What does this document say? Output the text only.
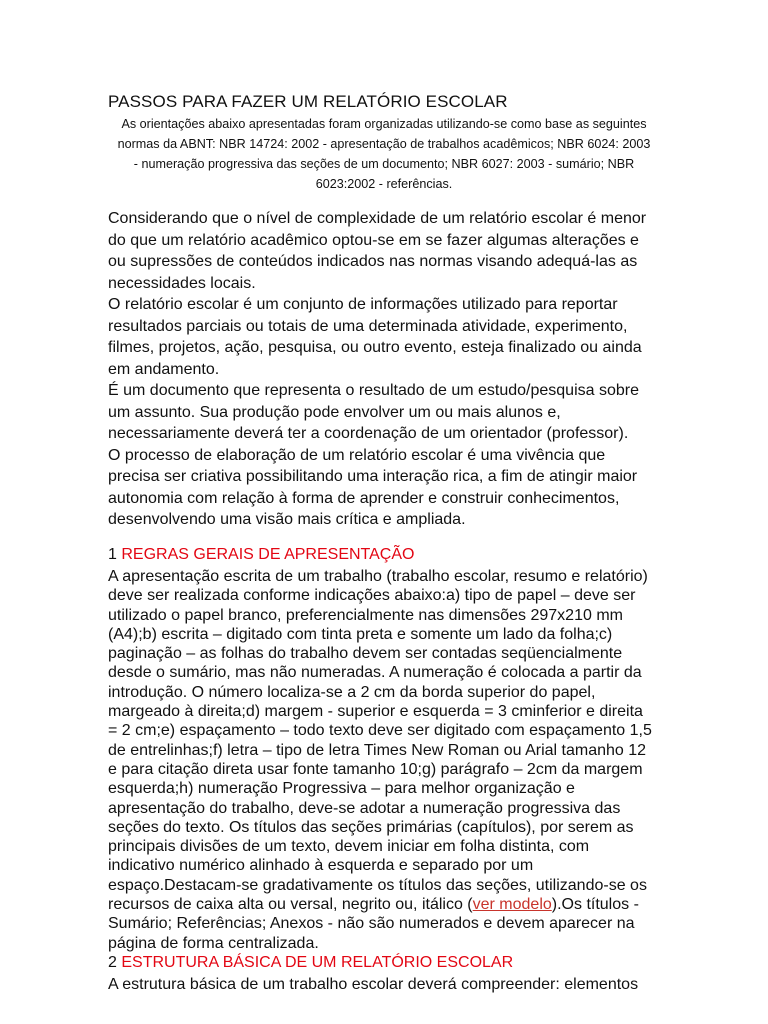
PASSOS PARA FAZER UM RELATÓRIO ESCOLAR
As orientações abaixo apresentadas foram organizadas utilizando-se como base as seguintes
normas da ABNT: NBR 14724: 2002 - apresentação de trabalhos acadêmicos; NBR 6024: 2003
- numeração progressiva das seções de um documento; NBR 6027: 2003 - sumário; NBR
6023:2002 - referências.
Considerando que o nível de complexidade de um relatório escolar é menor
do que um relatório acadêmico optou-se em se fazer algumas alterações e
ou supressões de conteúdos indicados nas normas visando adequá-las as
necessidades locais.
O relatório escolar é um conjunto de informações utilizado para reportar
resultados parciais ou totais de uma determinada atividade, experimento,
filmes, projetos, ação, pesquisa, ou outro evento, esteja finalizado ou ainda
em andamento.
É um documento que representa o resultado de um estudo/pesquisa sobre
um assunto. Sua produção pode envolver um ou mais alunos e,
necessariamente deverá ter a coordenação de um orientador (professor).
O processo de elaboração de um relatório escolar é uma vivência que
precisa ser criativa possibilitando uma interação rica, a fim de atingir maior
autonomia com relação à forma de aprender e construir conhecimentos,
desenvolvendo uma visão mais crítica e ampliada.
1 REGRAS GERAIS DE APRESENTAÇÃO
A apresentação escrita de um trabalho (trabalho escolar, resumo e relatório)
deve ser realizada conforme indicações abaixo:a) tipo de papel – deve ser
utilizado o papel branco, preferencialmente nas dimensões 297x210 mm
(A4);b) escrita – digitado com tinta preta e somente um lado da folha;c)
paginação – as folhas do trabalho devem ser contadas seqüencialmente
desde o sumário, mas não numeradas. A numeração é colocada a partir da
introdução. O número localiza-se a 2 cm da borda superior do papel,
margeado à direita;d) margem - superior e esquerda = 3 cminferior e direita
= 2 cm;e) espaçamento – todo texto deve ser digitado com espaçamento 1,5
de entrelinhas;f) letra – tipo de letra Times New Roman ou Arial tamanho 12
e para citação direta usar fonte tamanho 10;g) parágrafo – 2cm da margem
esquerda;h) numeração Progressiva – para melhor organização e
apresentação do trabalho, deve-se adotar a numeração progressiva das
seções do texto. Os títulos das seções primárias (capítulos), por serem as
principais divisões de um texto, devem iniciar em folha distinta, com
indicativo numérico alinhado à esquerda e separado por um
espaço.Destacam-se gradativamente os títulos das seções, utilizando-se os
recursos de caixa alta ou versal, negrito ou, itálico (ver modelo).Os títulos -
Sumário; Referências; Anexos - não são numerados e devem aparecer na
página de forma centralizada.
2 ESTRUTURA BÁSICA DE UM RELATÓRIO ESCOLAR
A estrutura básica de um trabalho escolar deverá compreender: elementos
